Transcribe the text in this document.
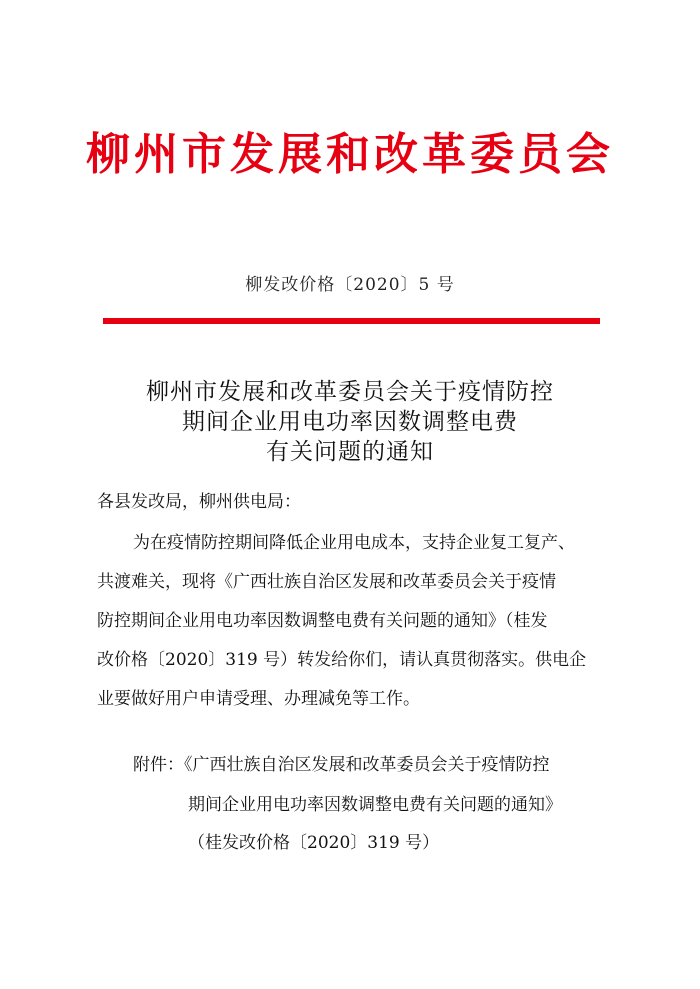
柳州市发展和改革委员会
柳发改价格〔2020〕5 号
柳州市发展和改革委员会关于疫情防控
期间企业用电功率因数调整电费
有关问题的通知
各县发改局，柳州供电局：
为在疫情防控期间降低企业用电成本，支持企业复工复产、
共渡难关，现将《广西壮族自治区发展和改革委员会关于疫情
防控期间企业用电功率因数调整电费有关问题的通知》（桂发
改价格〔2020〕319 号）转发给你们，请认真贯彻落实。供电企
业要做好用户申请受理、办理减免等工作。
附件：《广西壮族自治区发展和改革委员会关于疫情防控
期间企业用电功率因数调整电费有关问题的通知》
（桂发改价格〔2020〕319 号）
